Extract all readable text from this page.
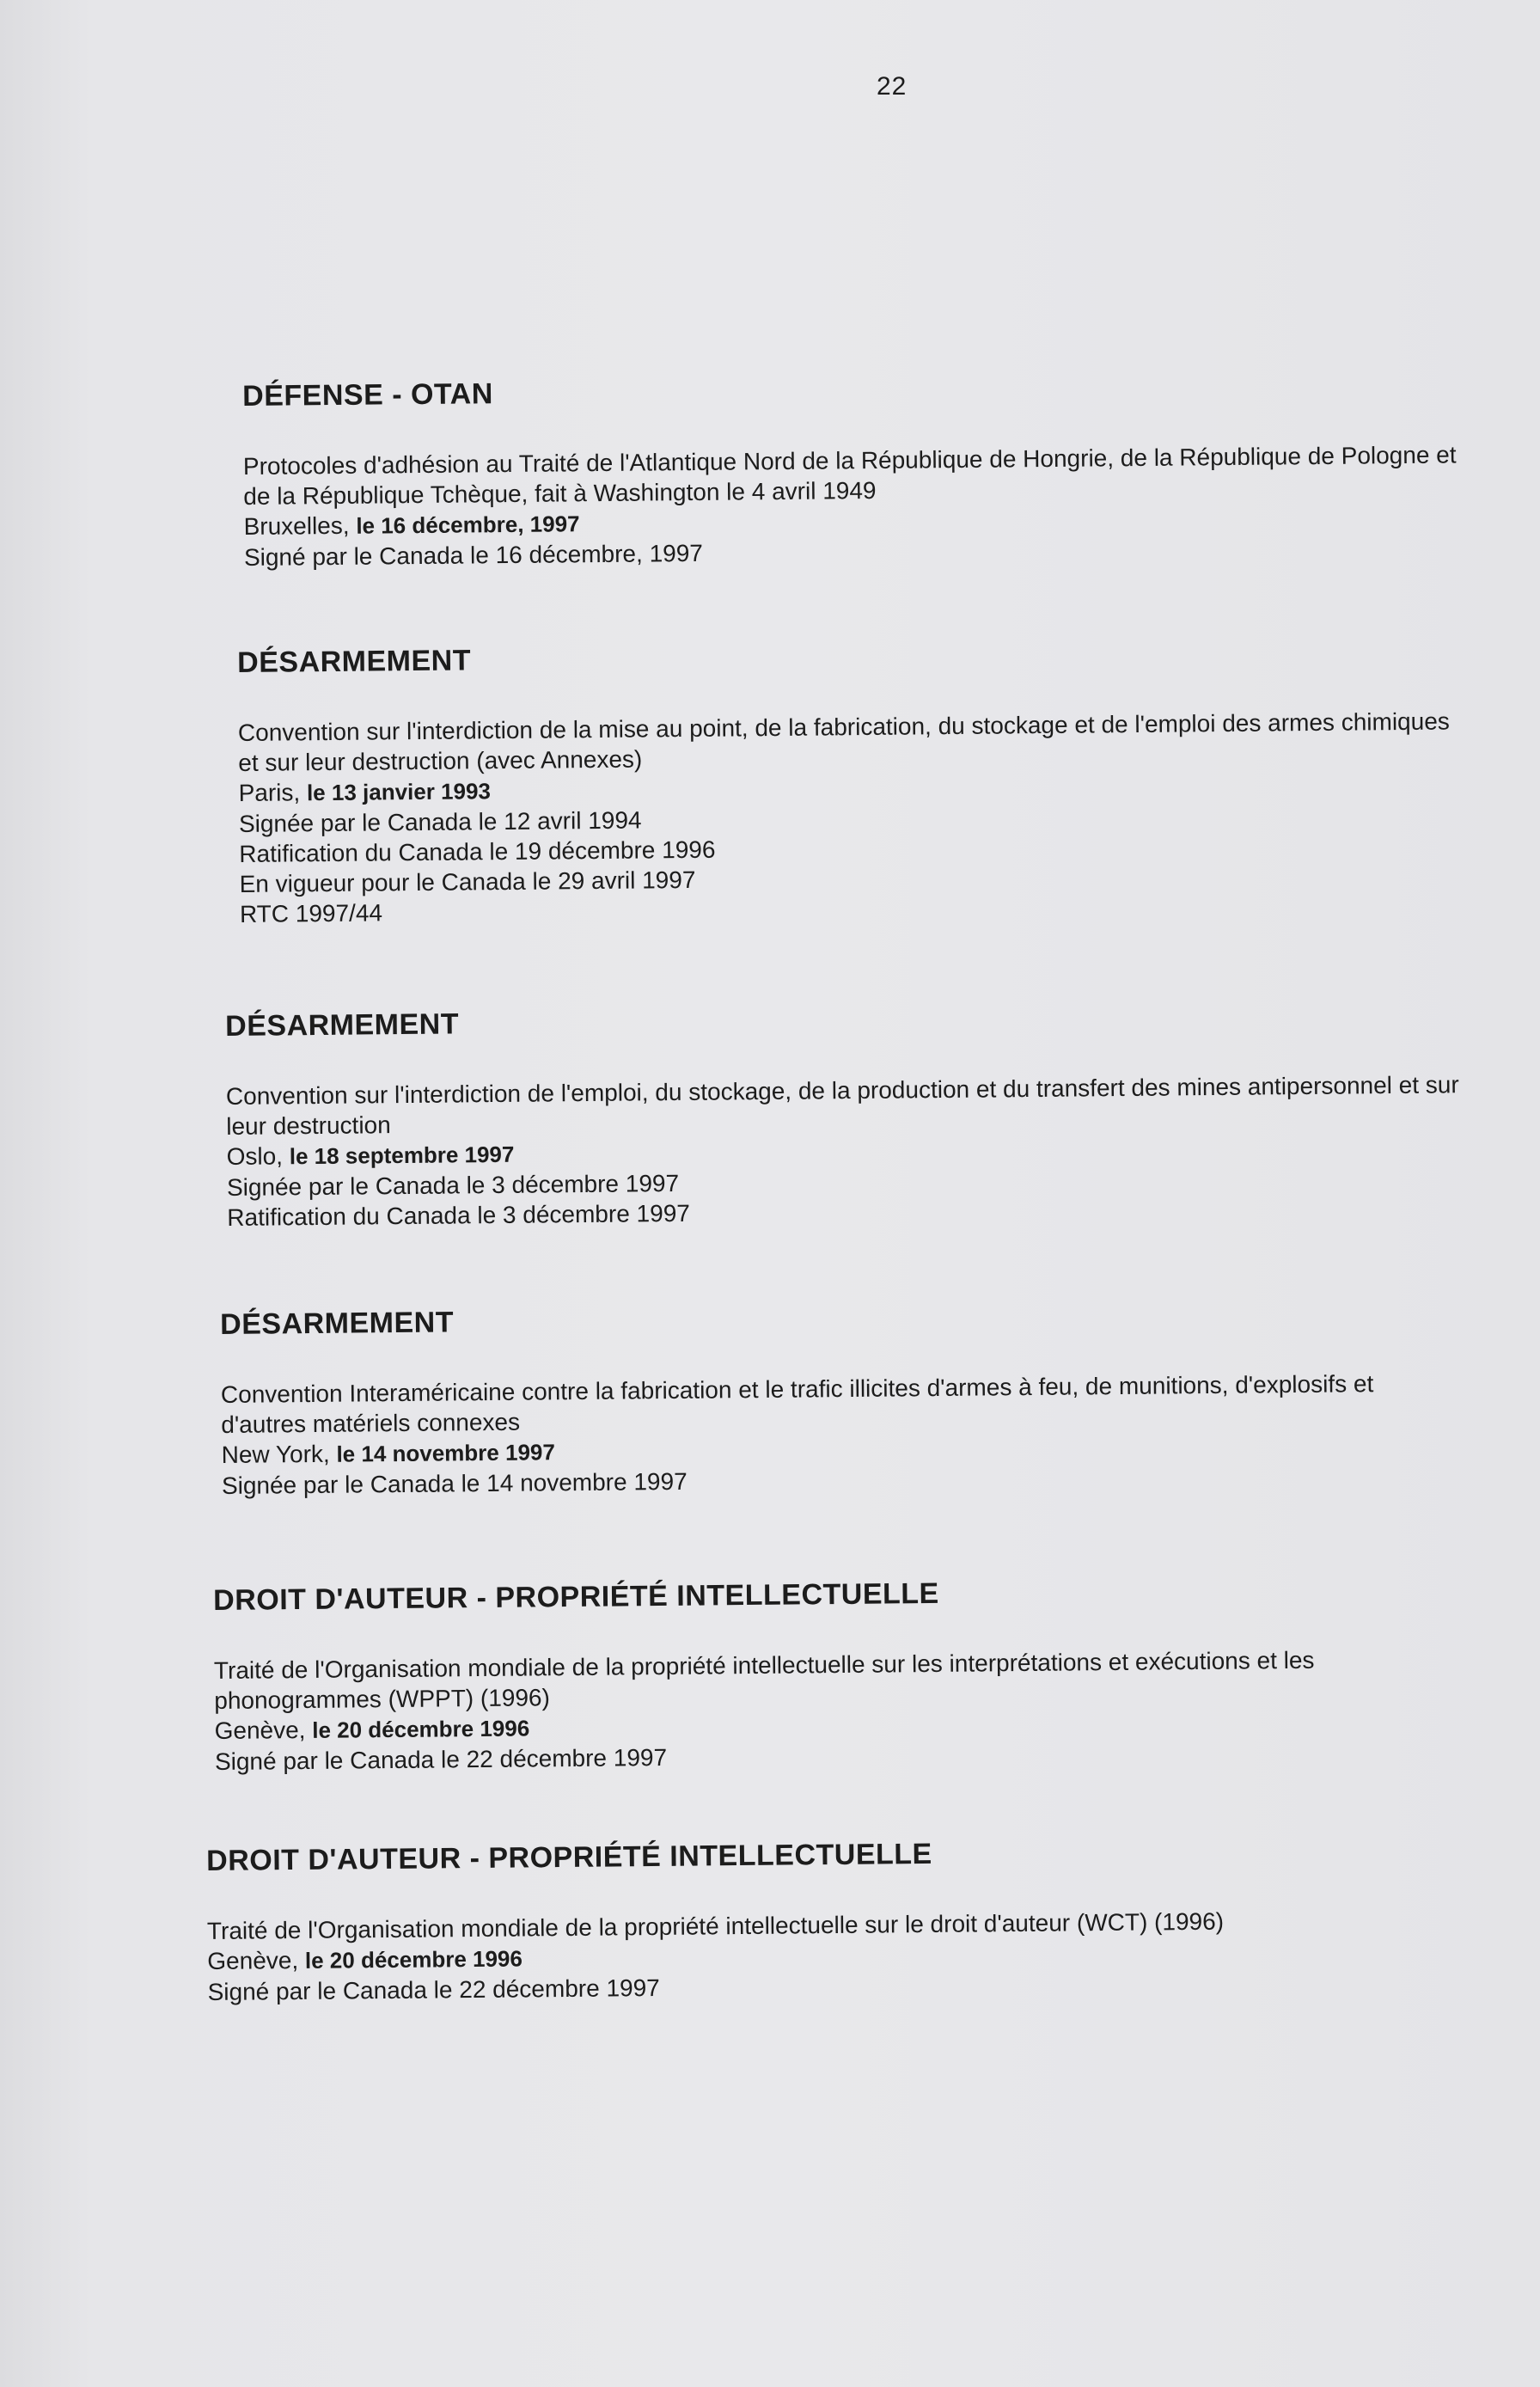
22
DÉFENSE - OTAN
Protocoles d'adhésion au Traité de l'Atlantique Nord de la République de Hongrie, de la République de Pologne et de la République Tchèque, fait à Washington le 4 avril 1949
Bruxelles, le 16 décembre, 1997
Signé par le Canada le 16 décembre, 1997
DÉSARMEMENT
Convention sur l'interdiction de la mise au point, de la fabrication, du stockage et de l'emploi des armes chimiques et sur leur destruction (avec Annexes)
Paris, le 13 janvier 1993
Signée par le Canada le 12 avril 1994
Ratification du Canada le 19 décembre 1996
En vigueur pour le Canada le 29 avril 1997
RTC 1997/44
DÉSARMEMENT
Convention sur l'interdiction de l'emploi, du stockage, de la production et du transfert des mines antipersonnel et sur leur destruction
Oslo, le 18 septembre 1997
Signée par le Canada le 3 décembre 1997
Ratification du Canada le 3 décembre 1997
DÉSARMEMENT
Convention Interaméricaine contre la fabrication et le trafic illicites d'armes à feu, de munitions, d'explosifs et d'autres matériels connexes
New York, le 14 novembre 1997
Signée par le Canada le 14 novembre 1997
DROIT D'AUTEUR - PROPRIÉTÉ INTELLECTUELLE
Traité de l'Organisation mondiale de la propriété intellectuelle sur les interprétations et exécutions et les phonogrammes (WPPT) (1996)
Genève, le 20 décembre 1996
Signé par le Canada le 22 décembre 1997
DROIT D'AUTEUR - PROPRIÉTÉ INTELLECTUELLE
Traité de l'Organisation mondiale de la propriété intellectuelle sur le droit d'auteur (WCT) (1996)
Genève, le 20 décembre 1996
Signé par le Canada le 22 décembre 1997
